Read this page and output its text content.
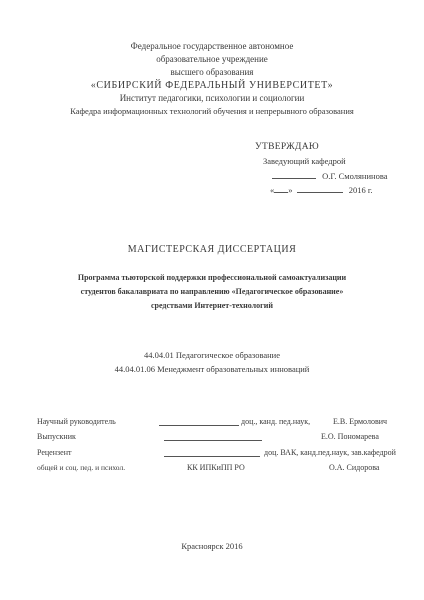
Федеральное государственное автономное
образовательное учреждение
высшего образования
«СИБИРСКИЙ ФЕДЕРАЛЬНЫЙ УНИВЕРСИТЕТ»
Институт педагогики, психологии и социологии
Кафедра информационных технологий обучения и непрерывного образования
УТВЕРЖДАЮ
Заведующий кафедрой
О.Г. Смолянинова
« »	2016 г.
МАГИСТЕРСКАЯ ДИССЕРТАЦИЯ
Программа тьюторской поддержки профессиональной самоактуализации
студентов бакалавриата по направлению «Педагогическое образование»
средствами Интернет-технологий
44.04.01 Педагогическое образование
44.04.01.06 Менеджмент образовательных инноваций
Научный руководитель	доц., канд. пед.наук,	Е.В. Ермолович
Выпускник	Е.О. Пономарева
Рецензент	доц. ВАК, канд.пед.наук, зав.кафедрой
общей и соц. пед. и психол.	КК ИПКиПП РО	О.А. Сидорова
Красноярск 2016
